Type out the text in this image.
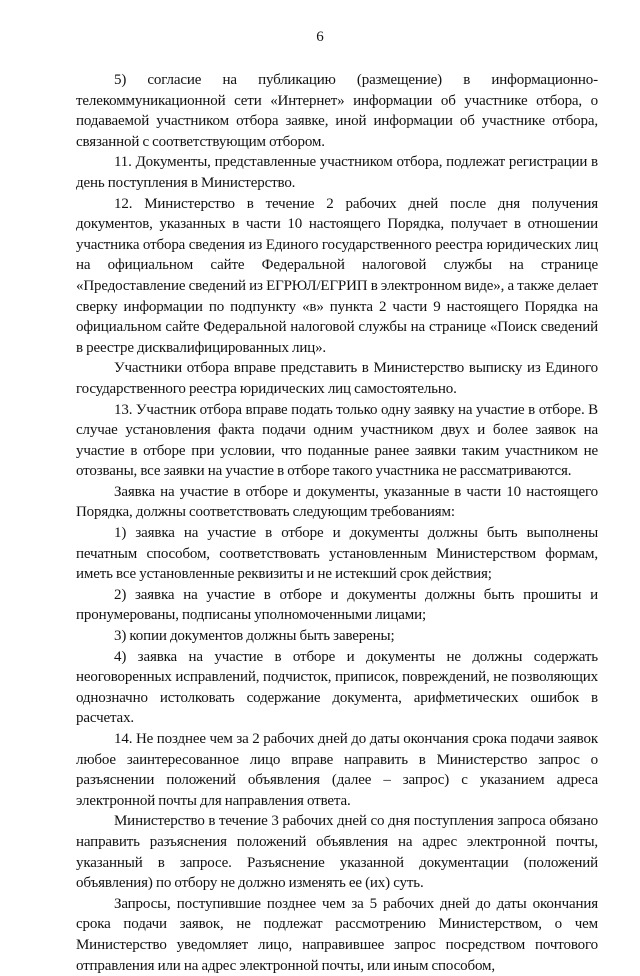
6

5) согласие на публикацию (размещение) в информационно-телекоммуникационной сети «Интернет» информации об участнике отбора, о подаваемой участником отбора заявке, иной информации об участнике отбора, связанной с соответствующим отбором.

11. Документы, представленные участником отбора, подлежат регистрации в день поступления в Министерство.

12. Министерство в течение 2 рабочих дней после дня получения документов, указанных в части 10 настоящего Порядка, получает в отношении участника отбора сведения из Единого государственного реестра юридических лиц на официальном сайте Федеральной налоговой службы на странице «Предоставление сведений из ЕГРЮЛ/ЕГРИП в электронном виде», а также делает сверку информации по подпункту «в» пункта 2 части 9 настоящего Порядка на официальном сайте Федеральной налоговой службы на странице «Поиск сведений в реестре дисквалифицированных лиц».

Участники отбора вправе представить в Министерство выписку из Единого государственного реестра юридических лиц самостоятельно.

13. Участник отбора вправе подать только одну заявку на участие в отборе. В случае установления факта подачи одним участником двух и более заявок на участие в отборе при условии, что поданные ранее заявки таким участником не отозваны, все заявки на участие в отборе такого участника не рассматриваются.

Заявка на участие в отборе и документы, указанные в части 10 настоящего Порядка, должны соответствовать следующим требованиям:

1) заявка на участие в отборе и документы должны быть выполнены печатным способом, соответствовать установленным Министерством формам, иметь все установленные реквизиты и не истекший срок действия;

2) заявка на участие в отборе и документы должны быть прошиты и пронумерованы, подписаны уполномоченными лицами;

3) копии документов должны быть заверены;

4) заявка на участие в отборе и документы не должны содержать неоговоренных исправлений, подчисток, приписок, повреждений, не позволяющих однозначно истолковать содержание документа, арифметических ошибок в расчетах.

14. Не позднее чем за 2 рабочих дней до даты окончания срока подачи заявок любое заинтересованное лицо вправе направить в Министерство запрос о разъяснении положений объявления (далее – запрос) с указанием адреса электронной почты для направления ответа.

Министерство в течение 3 рабочих дней со дня поступления запроса обязано направить разъяснения положений объявления на адрес электронной почты, указанный в запросе. Разъяснение указанной документации (положений объявления) по отбору не должно изменять ее (их) суть.

Запросы, поступившие позднее чем за 5 рабочих дней до даты окончания срока подачи заявок, не подлежат рассмотрению Министерством, о чем Министерство уведомляет лицо, направившее запрос посредством почтового отправления или на адрес электронной почты, или иным способом,
